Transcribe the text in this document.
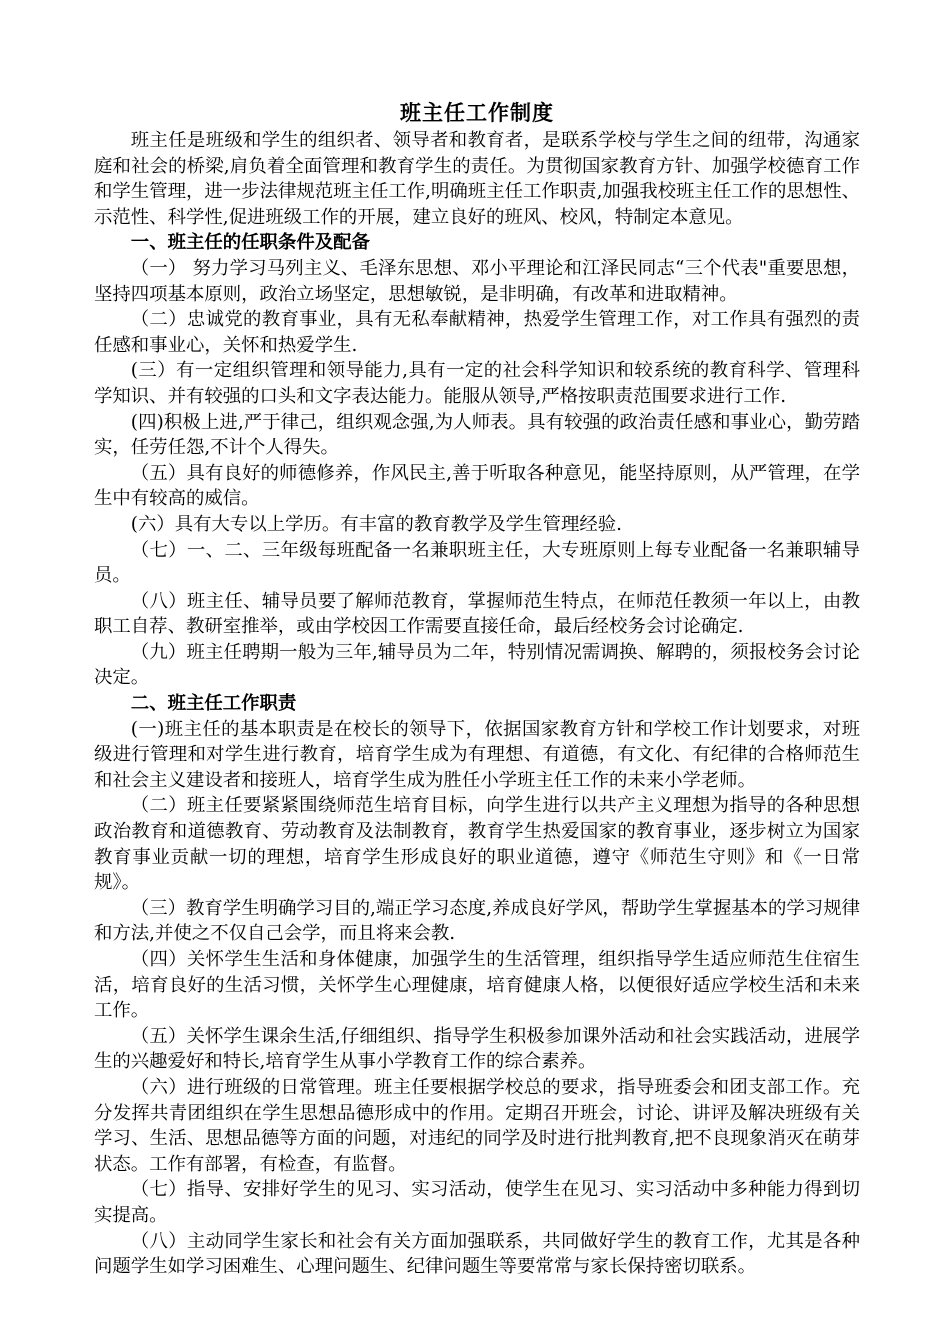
班主任工作制度

班主任是班级和学生的组织者、领导者和教育者，是联系学校与学生之间的纽带，沟通家庭和社会的桥梁,肩负着全面管理和教育学生的责任。为贯彻国家教育方针、加强学校德育工作和学生管理，进一步法律规范班主任工作,明确班主任工作职责,加强我校班主任工作的思想性、示范性、科学性,促进班级工作的开展，建立良好的班风、校风，特制定本意见。

一、班主任的任职条件及配备

（一） 努力学习马列主义、毛泽东思想、邓小平理论和江泽民同志“三个代表"重要思想，坚持四项基本原则，政治立场坚定，思想敏锐，是非明确，有改革和进取精神。

（二）忠诚党的教育事业，具有无私奉献精神，热爱学生管理工作，对工作具有强烈的责任感和事业心，关怀和热爱学生.

(三）有一定组织管理和领导能力,具有一定的社会科学知识和较系统的教育科学、管理科学知识、并有较强的口头和文字表达能力。能服从领导,严格按职责范围要求进行工作.

(四)积极上进,严于律己，组织观念强,为人师表。具有较强的政治责任感和事业心，勤劳踏实，任劳任怨,不计个人得失。

（五）具有良好的师德修养，作风民主,善于听取各种意见，能坚持原则，从严管理，在学生中有较高的威信。

(六）具有大专以上学历。有丰富的教育教学及学生管理经验.

（七）一、二、三年级每班配备一名兼职班主任，大专班原则上每专业配备一名兼职辅导员。

（八）班主任、辅导员要了解师范教育，掌握师范生特点，在师范任教须一年以上，由教职工自荐、教研室推举，或由学校因工作需要直接任命，最后经校务会讨论确定.

（九）班主任聘期一般为三年,辅导员为二年，特别情况需调换、解聘的，须报校务会讨论决定。

二、班主任工作职责

(一)班主任的基本职责是在校长的领导下，依据国家教育方针和学校工作计划要求，对班级进行管理和对学生进行教育，培育学生成为有理想、有道德，有文化、有纪律的合格师范生和社会主义建设者和接班人，培育学生成为胜任小学班主任工作的未来小学老师。

（二）班主任要紧紧围绕师范生培育目标，向学生进行以共产主义理想为指导的各种思想政治教育和道德教育、劳动教育及法制教育，教育学生热爱国家的教育事业，逐步树立为国家教育事业贡献一切的理想，培育学生形成良好的职业道德，遵守《师范生守则》和《一日常规》。

（三）教育学生明确学习目的,端正学习态度,养成良好学风，帮助学生掌握基本的学习规律和方法,并使之不仅自己会学，而且将来会教.

（四）关怀学生生活和身体健康，加强学生的生活管理，组织指导学生适应师范生住宿生活，培育良好的生活习惯，关怀学生心理健康，培育健康人格，以便很好适应学校生活和未来工作。

（五）关怀学生课余生活,仔细组织、指导学生积极参加课外活动和社会实践活动，进展学生的兴趣爱好和特长,培育学生从事小学教育工作的综合素养。

（六）进行班级的日常管理。班主任要根据学校总的要求，指导班委会和团支部工作。充分发挥共青团组织在学生思想品德形成中的作用。定期召开班会，讨论、讲评及解决班级有关学习、生活、思想品德等方面的问题，对违纪的同学及时进行批判教育,把不良现象消灭在萌芽状态。工作有部署，有检查，有监督。

（七）指导、安排好学生的见习、实习活动，使学生在见习、实习活动中多种能力得到切实提高。

（八）主动同学生家长和社会有关方面加强联系，共同做好学生的教育工作，尤其是各种问题学生如学习困难生、心理问题生、纪律问题生等要常常与家长保持密切联系。
